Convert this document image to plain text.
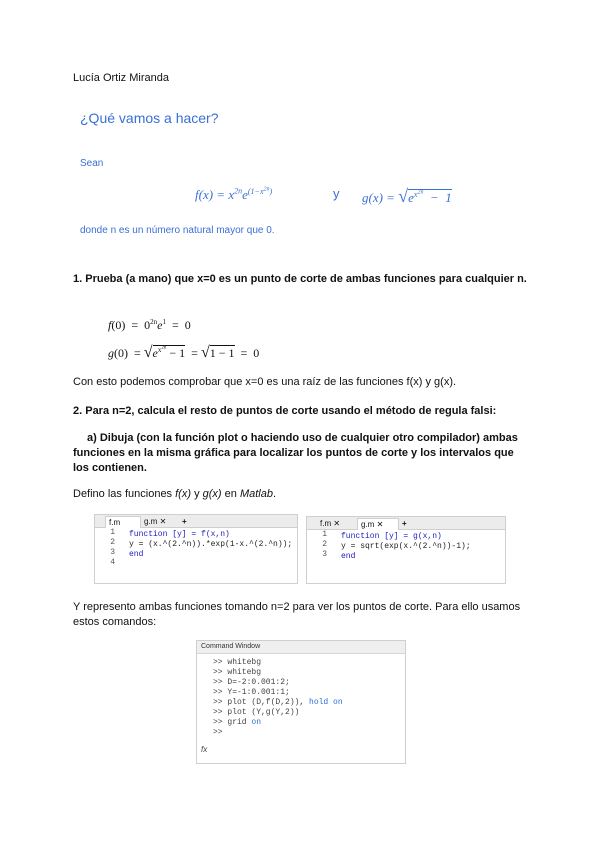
Lucía Ortiz Miranda
¿Qué vamos a hacer?
Sean
$f(x) = x^{2n}e^{(1-x^{2n})}$	y $g(x) = √e^{x^{2n}} - 1$
donde n es un número natural mayor que 0.
1. Prueba (a mano) que x=0 es un punto de corte de ambas funciones para cualquier n.
$f(0) = 0^{2n}e^1 = 0$
$g(0) = √e^{x^{2n}} - 1 = √1 - 1 = 0$
Con esto podemos comprobar que x=0 es una raíz de las funciones f(x) y g(x).
2. Para n=2, calcula el resto de puntos de corte usando el método de regula falsi:
a) Dibuja (con la función plot o haciendo uso de cualquier otro compilador) ambas funciones en la misma gráfica para localizar los puntos de corte y los intervalos que los contienen.
Defino las funciones f(x) y g(x) en Matlab.
f.m	g.m ✕	+
1
2
3
4
function [y] = f(x,n)
y = (x.^(2.^n)).*exp(1-x.^(2.^n));
end
f.m ✕	g.m ✕	+
1
2
3
function [y] = g(x,n)
y = sqrt(exp(x.^(2.^n))-1);
end
Y represento ambas funciones tomando n=2 para ver los puntos de corte. Para ello usamos estos comandos:
Command Window
>> whitebg
>> whitebg
>> D=-2:0.001:2;
>> Y=-1:0.001:1;
>> plot (D,f(D,2)), hold on
>> plot (Y,g(Y,2))
>> grid on
>>
fx
